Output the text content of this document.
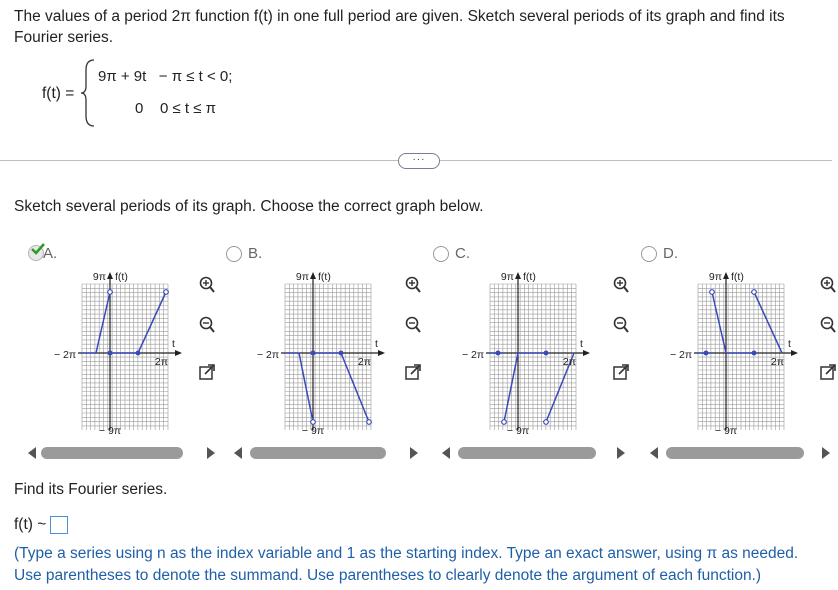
The values of a period 2π function f(t) in one full period are given. Sketch several periods of its graph and find its Fourier series.
f(t) =
9π + 9t   − π ≤ t < 0;
0    0 ≤ t ≤ π
···
Sketch several periods of its graph. Choose the correct graph below.
A.	B.	C.	D.
9π f(t)
− 9π
− 2π
2π
t
9π f(t)
− 9π
− 2π
2π
t
9π f(t)
− 9π
− 2π
2π
t
9π f(t)
− 9π
− 2π
2π
t
Find its Fourier series.
f(t) ~
(Type a series using n as the index variable and 1 as the starting index. Type an exact answer, using π as needed.
Use parentheses to denote the summand. Use parentheses to clearly denote the argument of each function.)
